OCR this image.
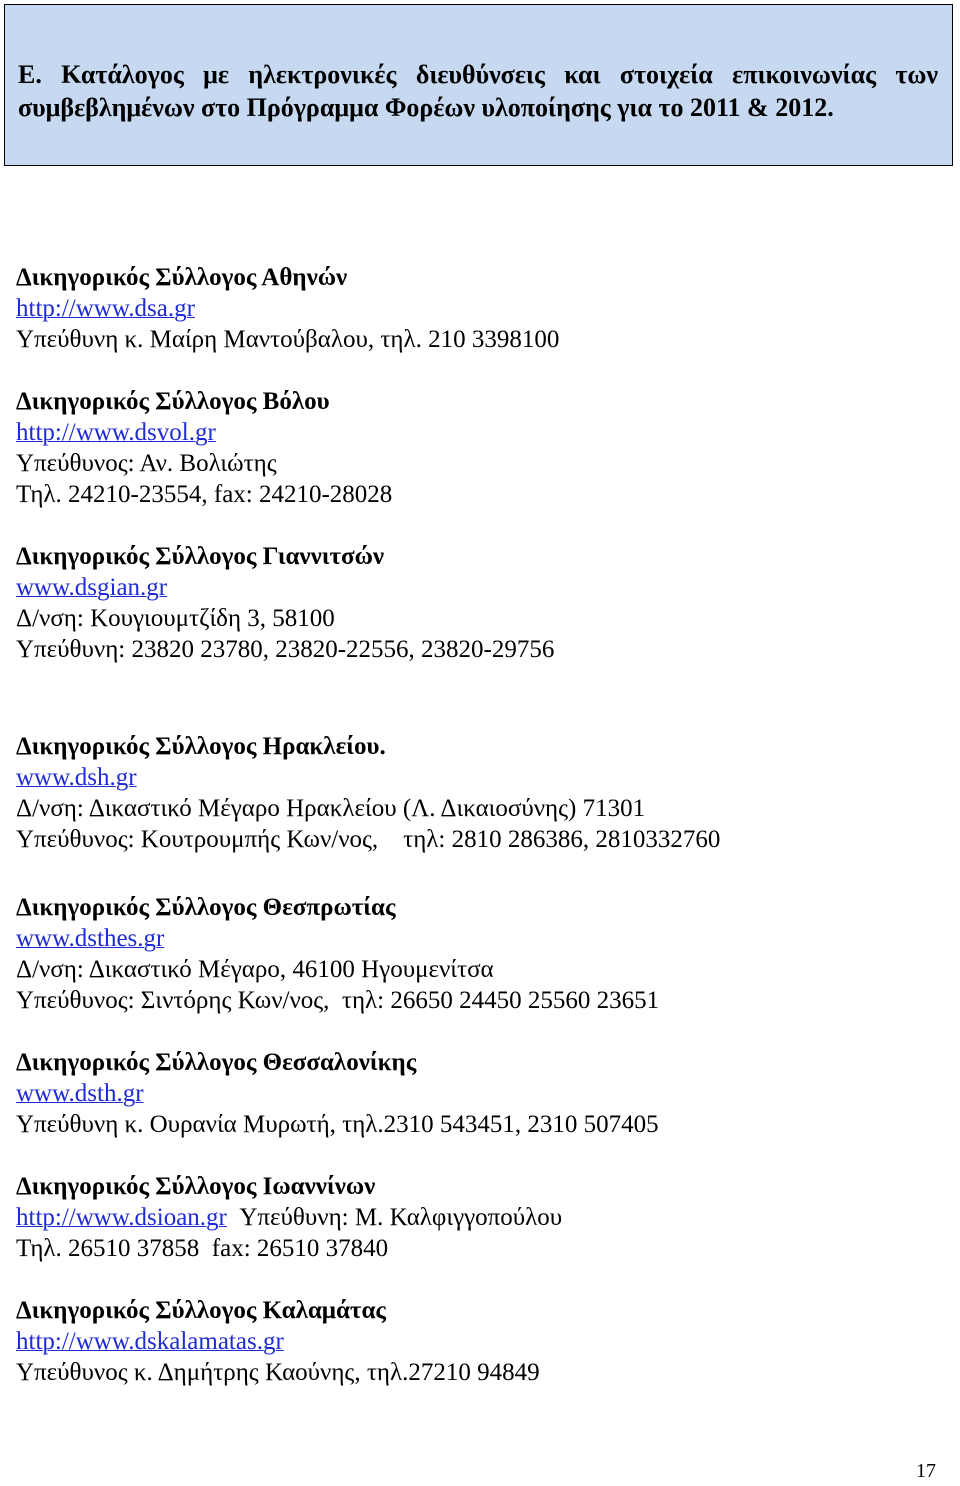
E. Κατάλογος με ηλεκτρονικές διευθύνσεις και στοιχεία επικοινωνίας των συμβεβλημένων στο Πρόγραμμα Φορέων υλοποίησης για το 2011 & 2012.

Δικηγορικός Σύλλογος Αθηνών
http://www.dsa.gr
Υπεύθυνη κ. Μαίρη Μαντούβαλου, τηλ. 210 3398100
Δικηγορικός Σύλλογος Βόλου
http://www.dsvol.gr
Υπεύθυνος: Αν. Βολιώτης
Τηλ. 24210-23554, fax: 24210-28028
Δικηγορικός Σύλλογος Γιαννιτσών
www.dsgian.gr
Δ/νση: Κουγιουμτζίδη 3, 58100
Υπεύθυνη: 23820 23780, 23820-22556, 23820-29756
Δικηγορικός Σύλλογος Ηρακλείου.
www.dsh.gr
Δ/νση: Δικαστικό Μέγαρο Ηρακλείου (Λ. Δικαιοσύνης) 71301
Υπεύθυνος: Κουτρουμπής Κων/νος,    τηλ: 2810 286386, 2810332760
Δικηγορικός Σύλλογος Θεσπρωτίας
www.dsthes.gr
Δ/νση: Δικαστικό Μέγαρο, 46100 Ηγουμενίτσα
Υπεύθυνος: Σιντόρης Κων/νος,  τηλ: 26650 24450 25560 23651
Δικηγορικός Σύλλογος Θεσσαλονίκης
www.dsth.gr
Υπεύθυνη κ. Ουρανία Μυρωτή, τηλ.2310 543451, 2310 507405
Δικηγορικός Σύλλογος Ιωαννίνων
http://www.dsioan.gr  Υπεύθυνη: Μ. Καλφιγγοπούλου
Τηλ. 26510 37858  fax: 26510 37840
Δικηγορικός Σύλλογος Καλαμάτας
http://www.dskalamatas.gr
Υπεύθυνος κ. Δημήτρης Καούνης, τηλ.27210 94849
17
